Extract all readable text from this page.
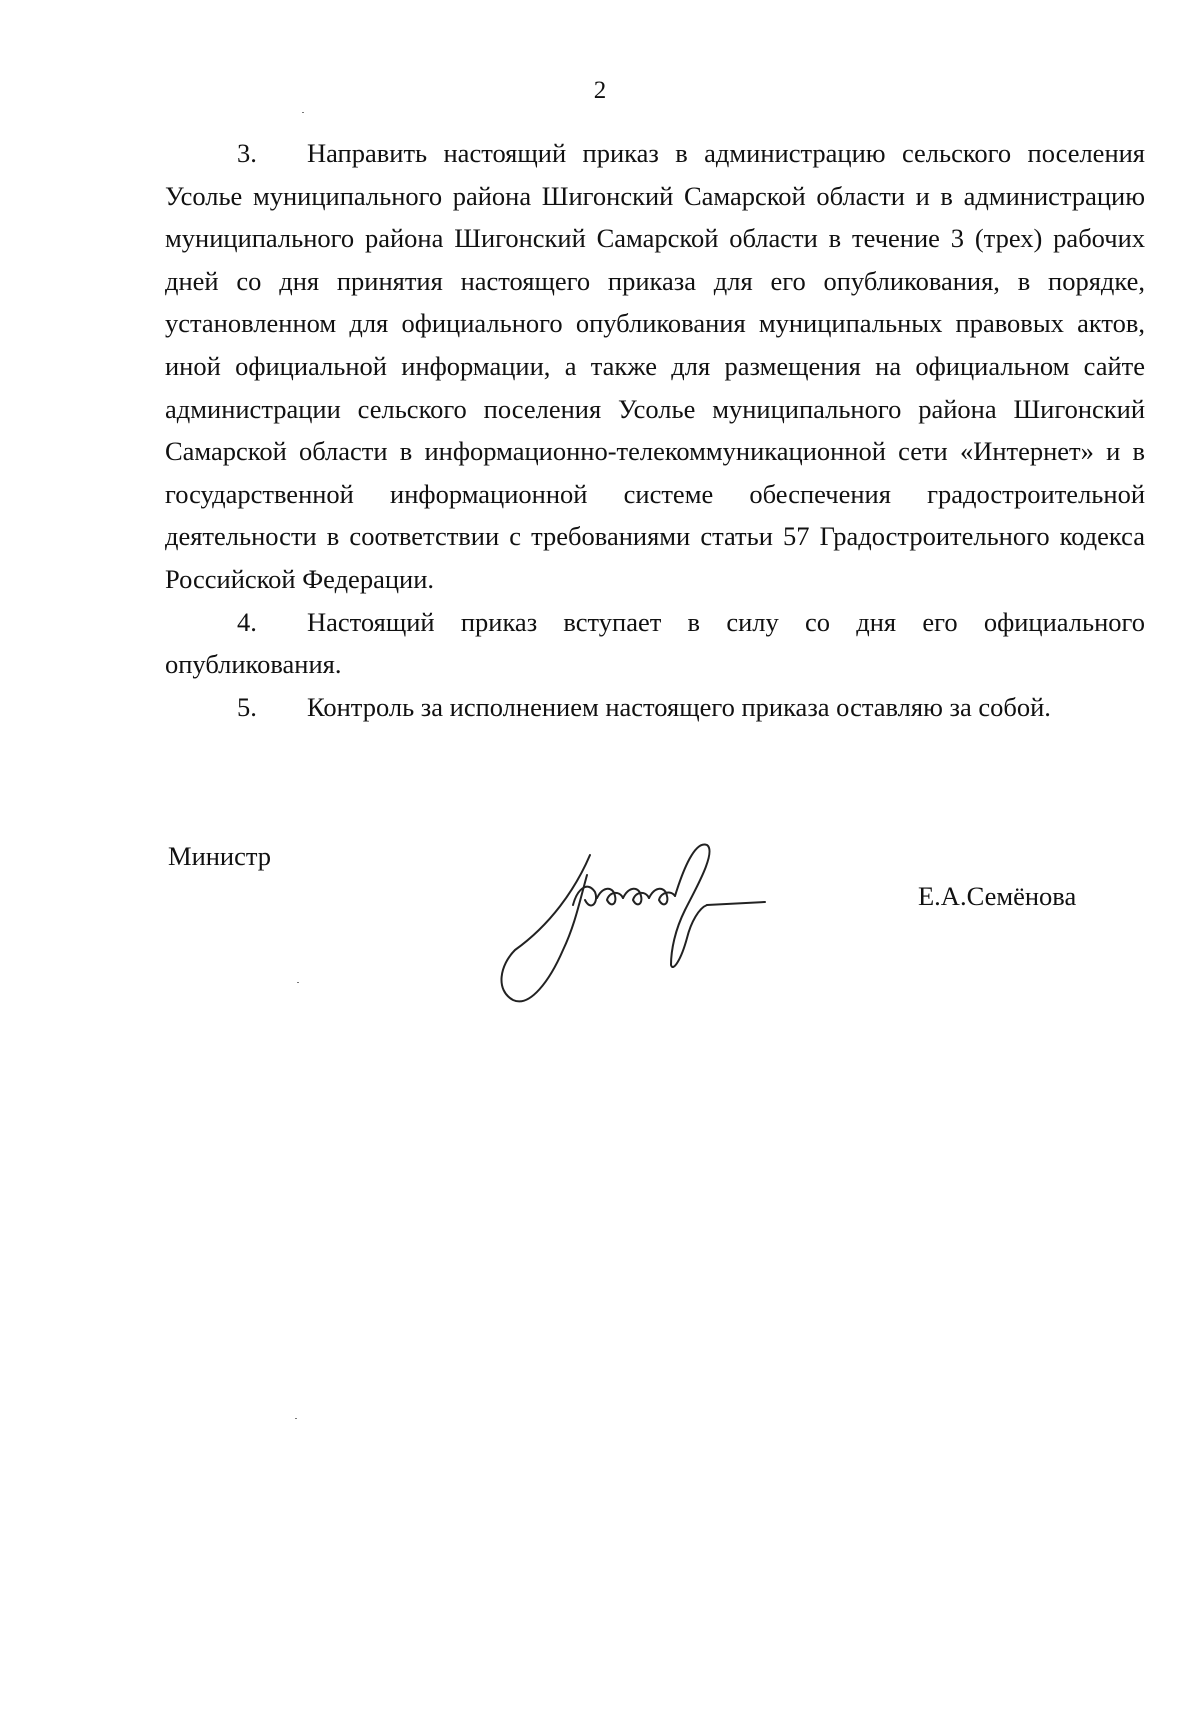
2

3. Направить настоящий приказ в администрацию сельского поселения Усолье муниципального района Шигонский Самарской области и в администрацию муниципального района Шигонский Самарской области в течение 3 (трех) рабочих дней со дня принятия настоящего приказа для его опубликования, в порядке, установленном для официального опубликования муниципальных правовых актов, иной официальной информации, а также для размещения на официальном сайте администрации сельского поселения Усолье муниципального района Шигонский Самарской области в информационно-телекоммуникационной сети «Интернет» и в государственной информационной системе обеспечения градостроительной деятельности в соответствии с требованиями статьи 57 Градостроительного кодекса Российской Федерации.

4. Настоящий приказ вступает в силу со дня его официального опубликования.

5. Контроль за исполнением настоящего приказа оставляю за собой.

Министр
Е.А.Семёнова
